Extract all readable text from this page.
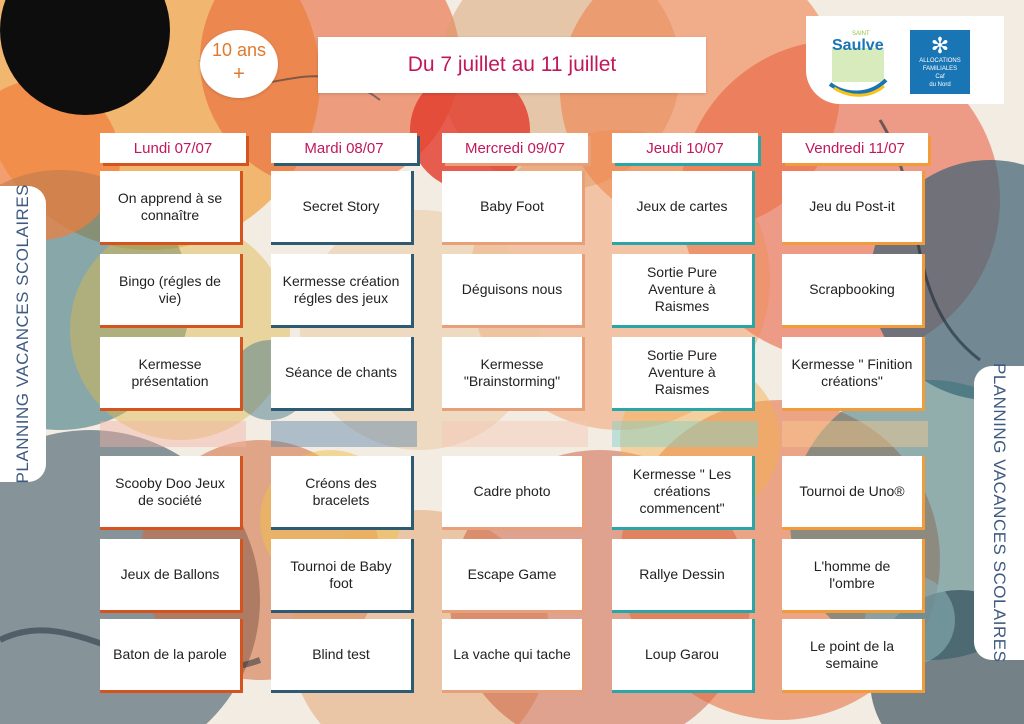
10 ans
+	Du 7 juillet au 11 juillet
SAINT
Saulve ✻
ALLOCATIONS FAMILIALES
Caf
du Nord
PLANNING VACANCES SCOLAIRES
PLANNING VACANCES SCOLAIRES
Lundi 07/07
On apprend à se connaître
Bingo (régles de vie)
Kermesse présentation
Scooby Doo Jeux de société
Jeux de Ballons
Baton de la parole
Mardi 08/07
Secret Story
Kermesse création régles des jeux
Séance de chants
Créons des bracelets
Tournoi de Baby foot
Blind test
Mercredi 09/07
Baby Foot
Déguisons nous
Kermesse "Brainstorming"
Cadre photo
Escape Game
La vache qui tache
Jeudi 10/07
Jeux de cartes
Sortie Pure Aventure à Raismes
Sortie Pure Aventure à Raismes
Kermesse " Les créations commencent"
Rallye Dessin
Loup Garou
Vendredi 11/07
Jeu du Post-it
Scrapbooking
Kermesse " Finition créations"
Tournoi de Uno®
L'homme de l'ombre
Le point de la semaine
